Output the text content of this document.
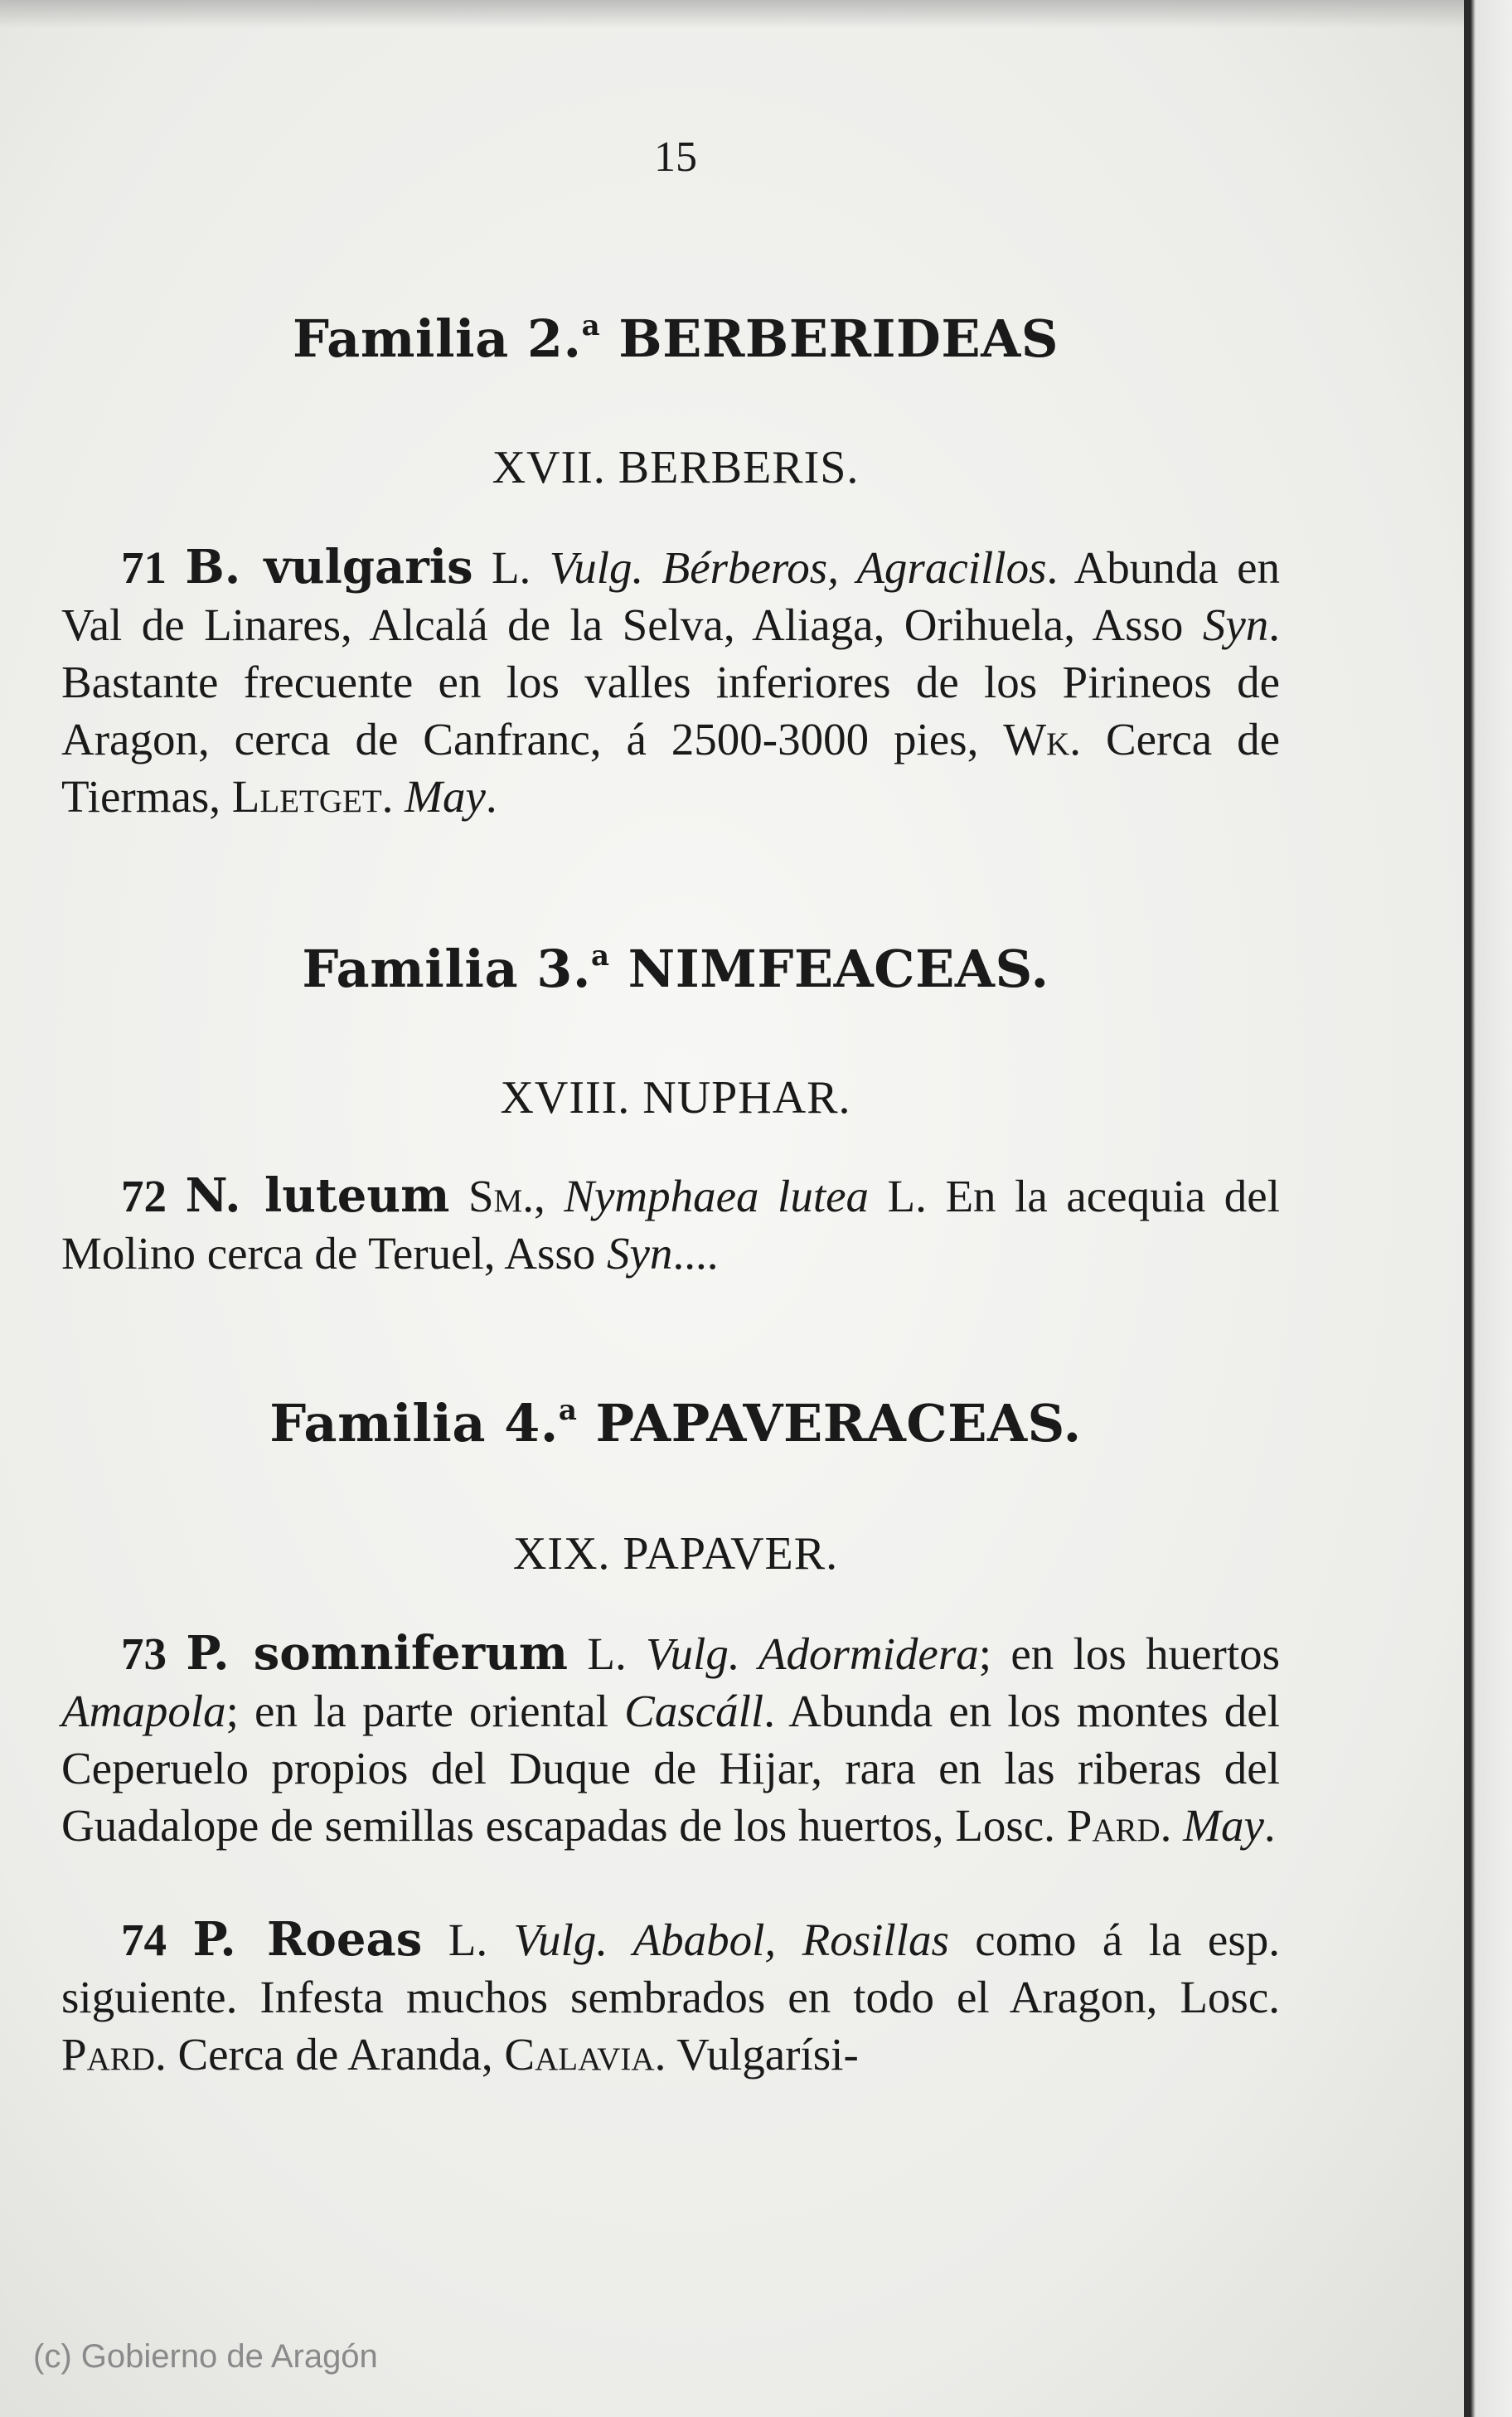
15
Familia 2.$^a$ BERBERIDEAS
XVII. BERBERIS.
71 B. vulgaris L. Vulg. Bérberos, Agracillos. Abunda en Val de Linares, Alcalá de la Selva, Aliaga, Orihuela, Asso Syn. Bastante frecuente en los valles inferiores de los Pirineos de Aragon, cerca de Canfranc, á 2500-3000 pies, Wk. Cerca de Tiermas, Lletget. May.
Familia 3.$^a$ NIMFEACEAS.
XVIII. NUPHAR.
72 N. luteum Sm., Nymphaea lutea L. En la acequia del Molino cerca de Teruel, Asso Syn....
Familia 4.$^a$ PAPAVERACEAS.
XIX. PAPAVER.
73 P. somniferum L. Vulg. Adormidera; en los huertos Amapola; en la parte oriental Cascáll. Abunda en los montes del Ceperuelo propios del Duque de Hijar, rara en las riberas del Guadalope de semillas escapadas de los huertos, Losc. Pard. May.
74 P. Roeas L. Vulg. Ababol, Rosillas como á la esp. siguiente. Infesta muchos sembrados en todo el Aragon, Losc. Pard. Cerca de Aranda, Calavia. Vulgarísi-
(c) Gobierno de Aragón
